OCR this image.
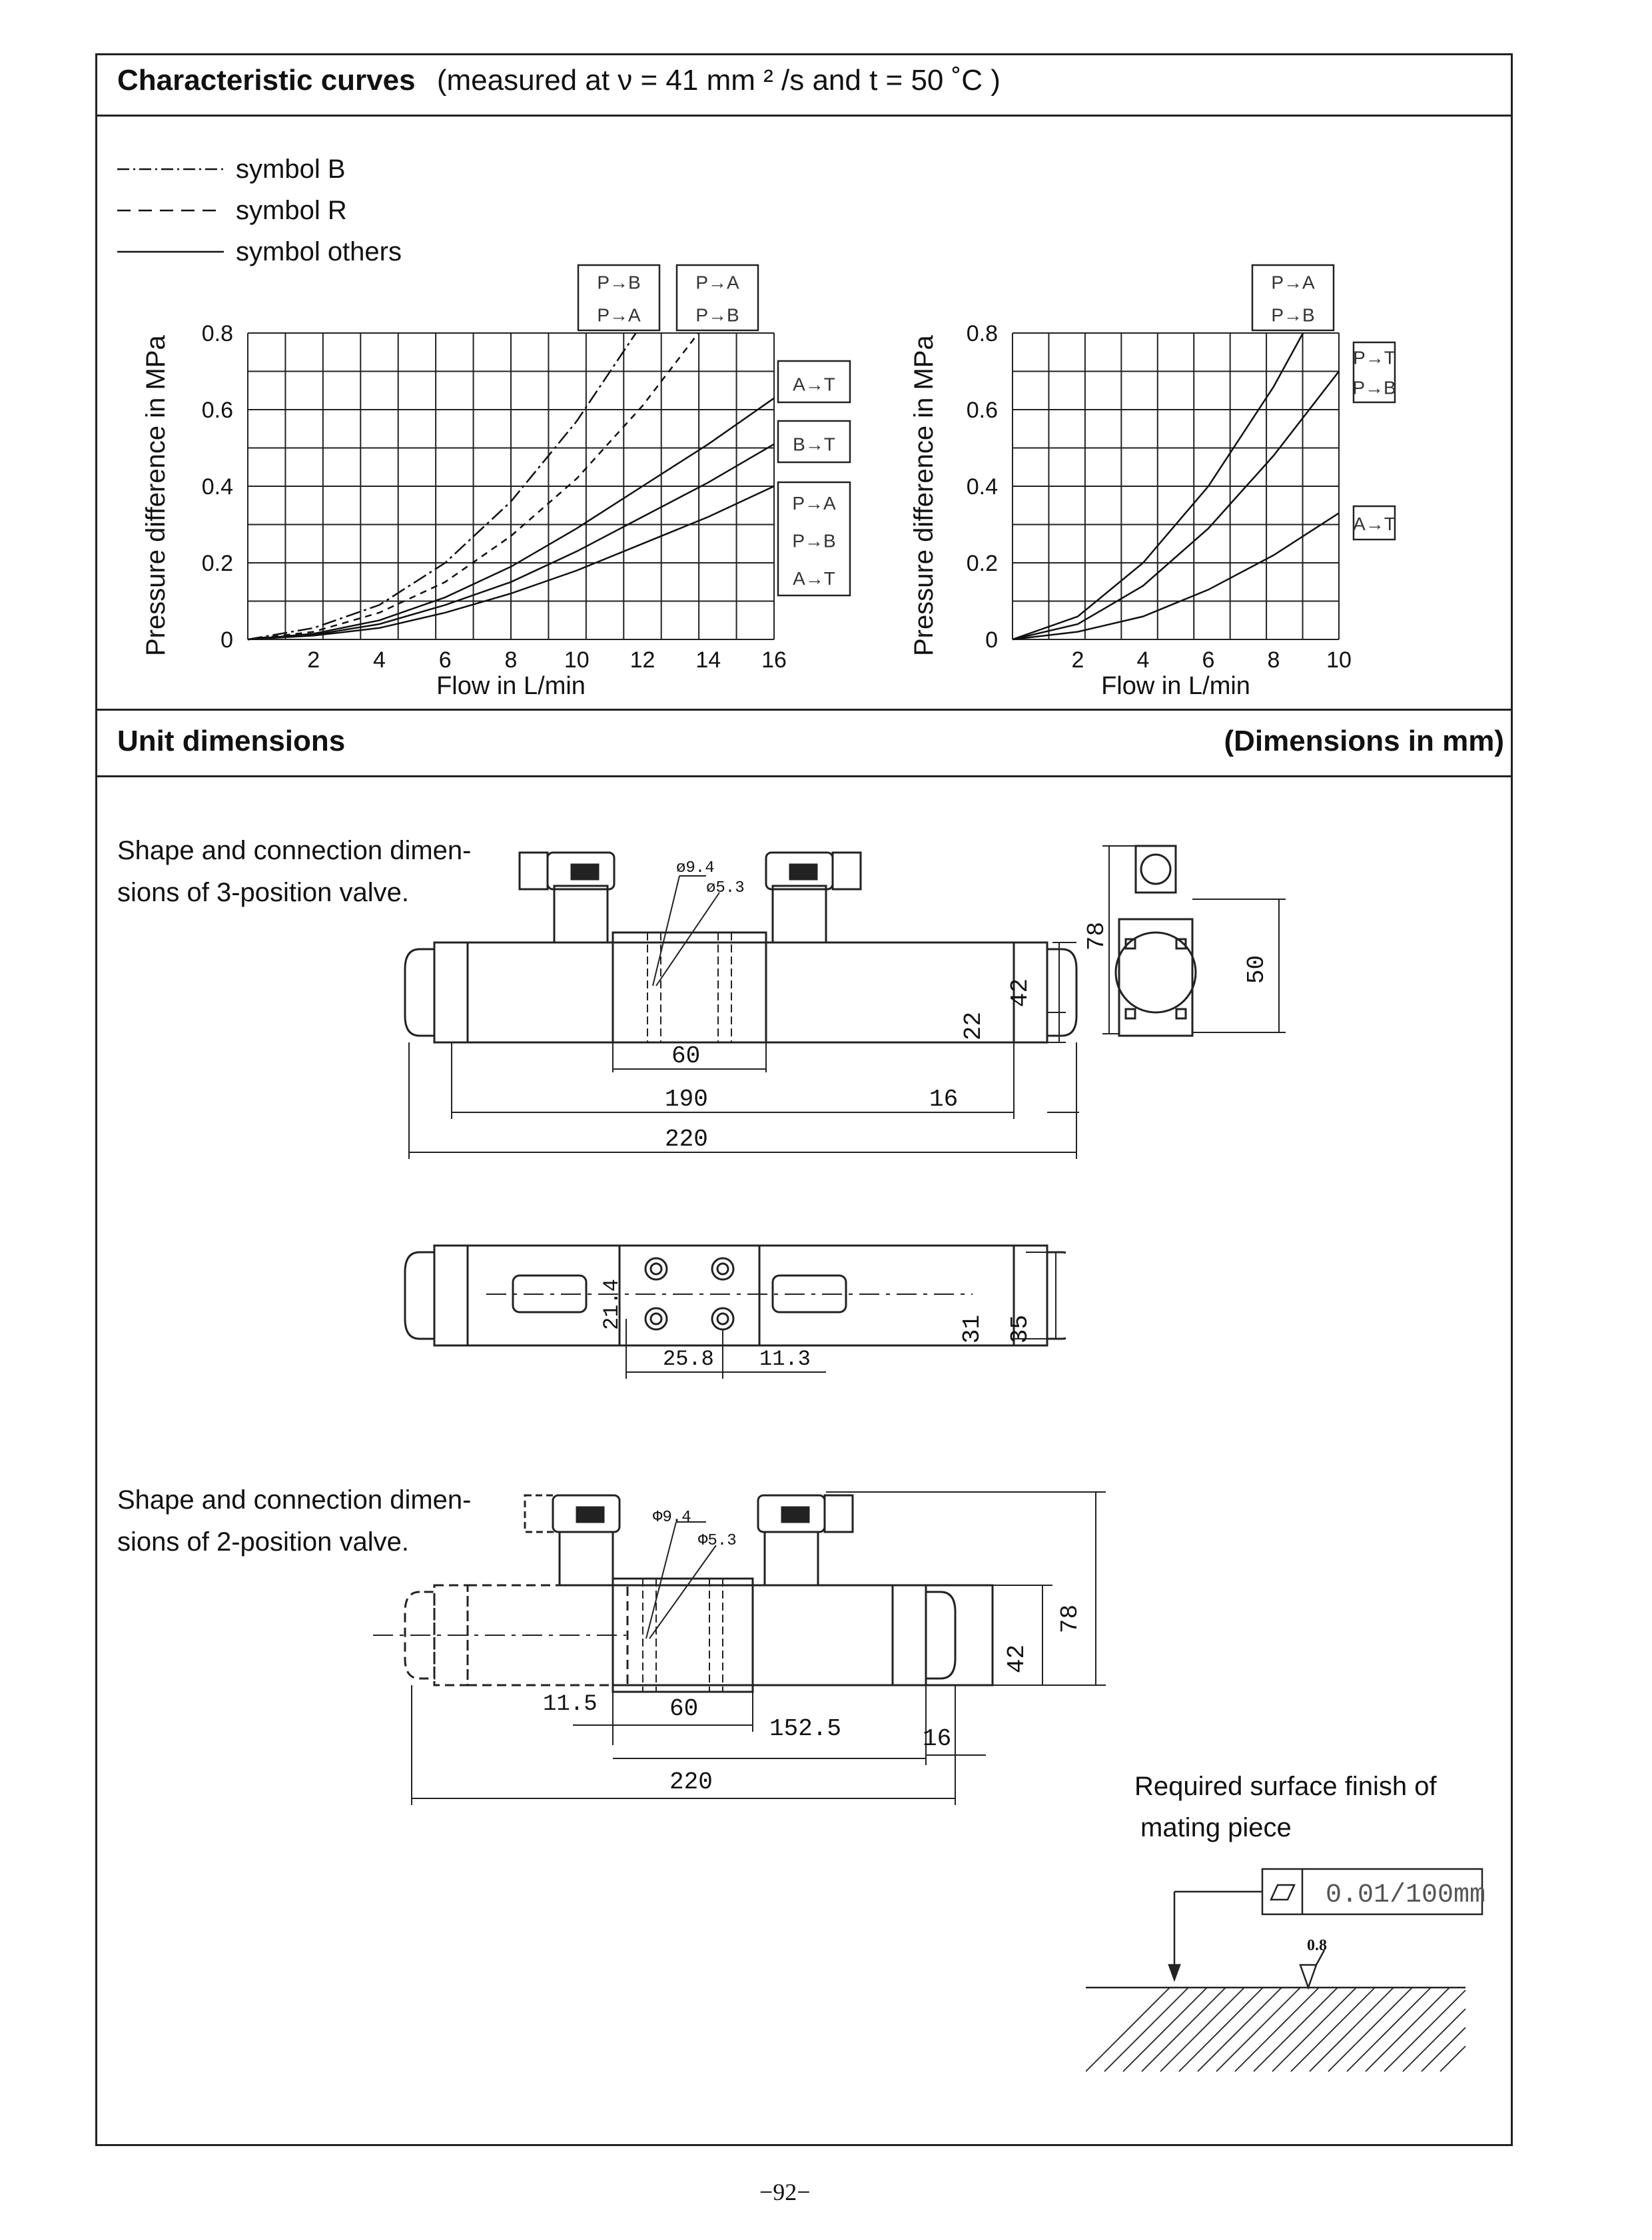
Characteristic curves (measured at ν = 41 mm ² /s and t = 50 ˚C )
symbol B
symbol R
symbol others
Pressure difference in MPa	Pressure difference in MPa
2 4 6 8 10 12 14 16
0
0.2
0.4
0.6
0.8
Flow in L/min
P→B
P→A
P→A
P→B
A→T
B→T
P→A
P→B
A→T
2 4 6 8 10
0
0.2
0.4
0.6
0.8
Flow in L/min
P→A
P→B
P→T
P→B
A→T
Unit dimensions	(Dimensions in mm)
Shape and connection dimen-
sions of 3-position valve.
Shape and connection dimen-
sions of 2-position valve.
ø9.4
ø5.3
60
190	16
220
22
42
78
50
21.4
25.8 11.3
31 35
Φ9.4
Φ5.3
11.5	60
152.5	16
220
42
78
Required surface finish of
mating piece
0.01/100mm
0.8
−92−
